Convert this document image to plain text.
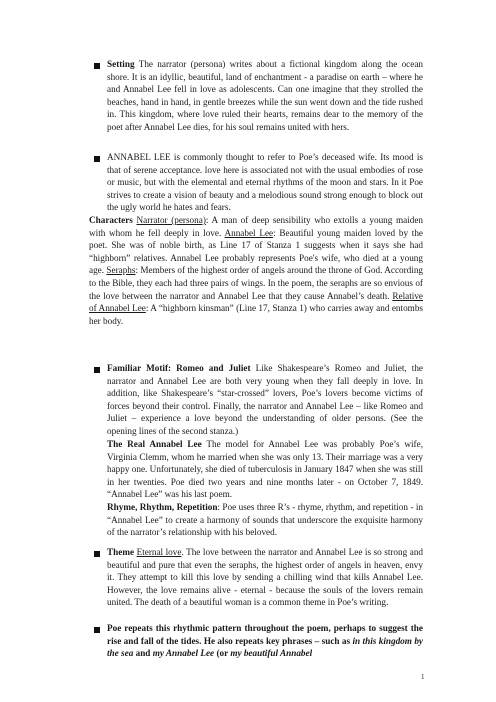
Setting The narrator (persona) writes about a fictional kingdom along the ocean shore. It is an idyllic, beautiful, land of enchantment - a paradise on earth – where he and Annabel Lee fell in love as adolescents. Can one imagine that they strolled the beaches, hand in hand, in gentle breezes while the sun went down and the tide rushed in. This kingdom, where love ruled their hearts, remains dear to the memory of the poet after Annabel Lee dies, for his soul remains united with hers.
ANNABEL LEE is commonly thought to refer to Poe’s deceased wife. Its mood is that of serene acceptance. love here is associated not with the usual embodies of rose or music, but with the elemental and eternal rhythms of the moon and stars. In it Poe strives to create a vision of beauty and a melodious sound strong enough to block out the ugly world he hates and fears.
Characters Narrator (persona): A man of deep sensibility who extolls a young maiden with whom he fell deeply in love. Annabel Lee: Beautiful young maiden loved by the poet. She was of noble birth, as Line 17 of Stanza 1 suggests when it says she had “highborn” relatives. Annabel Lee probably represents Poe's wife, who died at a young age. Seraphs: Members of the highest order of angels around the throne of God. According to the Bible, they each had three pairs of wings. In the poem, the seraphs are so envious of the love between the narrator and Annabel Lee that they cause Annabel’s death. Relative of Annabel Lee: A “highborn kinsman” (Line 17, Stanza 1) who carries away and entombs her body.
Familiar Motif: Romeo and Juliet Like Shakespeare’s Romeo and Juliet, the narrator and Annabel Lee are both very young when they fall deeply in love. In addition, like Shakespeare’s “star-crossed” lovers, Poe’s lovers become victims of forces beyond their control. Finally, the narrator and Annabel Lee – like Romeo and Juliet – experience a love beyond the understanding of older persons. (See the opening lines of the second stanza.)
The Real Annabel Lee The model for Annabel Lee was probably Poe’s wife, Virginia Clemm, whom he married when she was only 13. Their marriage was a very happy one. Unfortunately, she died of tuberculosis in January 1847 when she was still in her twenties. Poe died two years and nine months later - on October 7, 1849. “Annabel Lee” was his last poem.
Rhyme, Rhythm, Repetition: Poe uses three R’s - rhyme, rhythm, and repetition - in “Annabel Lee” to create a harmony of sounds that underscore the exquisite harmony of the narrator’s relationship with his beloved.
Theme Eternal love. The love between the narrator and Annabel Lee is so strong and beautiful and pure that even the seraphs, the highest order of angels in heaven, envy it. They attempt to kill this love by sending a chilling wind that kills Annabel Lee. However, the love remains alive - eternal - because the souls of the lovers remain united. The death of a beautiful woman is a common theme in Poe’s writing.
Poe repeats this rhythmic pattern throughout the poem, perhaps to suggest the rise and fall of the tides. He also repeats key phrases – such as in this kingdom by the sea and my Annabel Lee (or my beautiful Annabel
1
